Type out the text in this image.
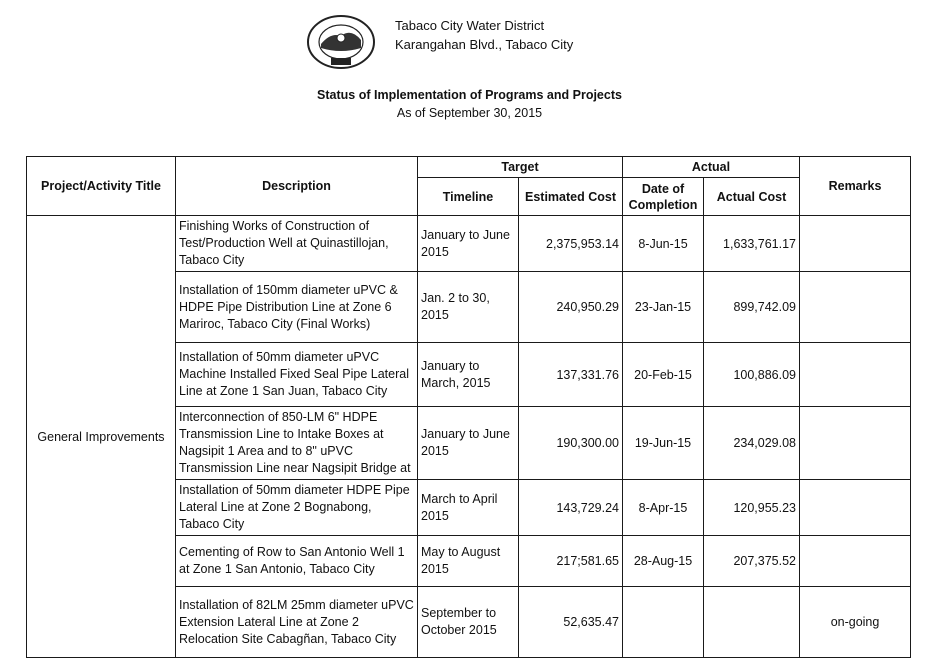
Tabaco City Water District
Karangahan Blvd., Tabaco City
Status of Implementation of Programs and Projects
As of September 30, 2015
Project/Activity Title	Description	Target		Actual		Remarks
		Timeline	Estimated Cost	Date of Completion	Actual Cost	
General Improvements	Finishing Works of Construction of Test/Production Well at Quinastillojan, Tabaco City	January to June 2015	2,375,953.14	8-Jun-15	1,633,761.17	
	Installation of 150mm diameter uPVC & HDPE Pipe Distribution Line at Zone 6 Mariroc, Tabaco City (Final Works)	Jan. 2 to 30, 2015	240,950.29	23-Jan-15	899,742.09	
	Installation of 50mm diameter uPVC Machine Installed Fixed Seal Pipe Lateral Line at Zone 1 San Juan, Tabaco City	January to March, 2015	137,331.76	20-Feb-15	100,886.09	
	Interconnection of 850-LM 6" HDPE Transmission Line to Intake Boxes at Nagsipit 1 Area and to 8" uPVC Transmission Line near Nagsipit Bridge at	January to June 2015	190,300.00	19-Jun-15	234,029.08	
	Installation of 50mm diameter HDPE Pipe Lateral Line at Zone 2 Bognabong, Tabaco City	March to April 2015	143,729.24	8-Apr-15	120,955.23	
	Cementing of Row to San Antonio Well 1 at Zone 1 San Antonio, Tabaco City	May to August 2015	217;581.65	28-Aug-15	207,375.52	
	Installation of 82LM 25mm diameter uPVC Extension Lateral Line at Zone 2 Relocation Site Cabagñan, Tabaco City	September to October 2015	52,635.47			on-going
